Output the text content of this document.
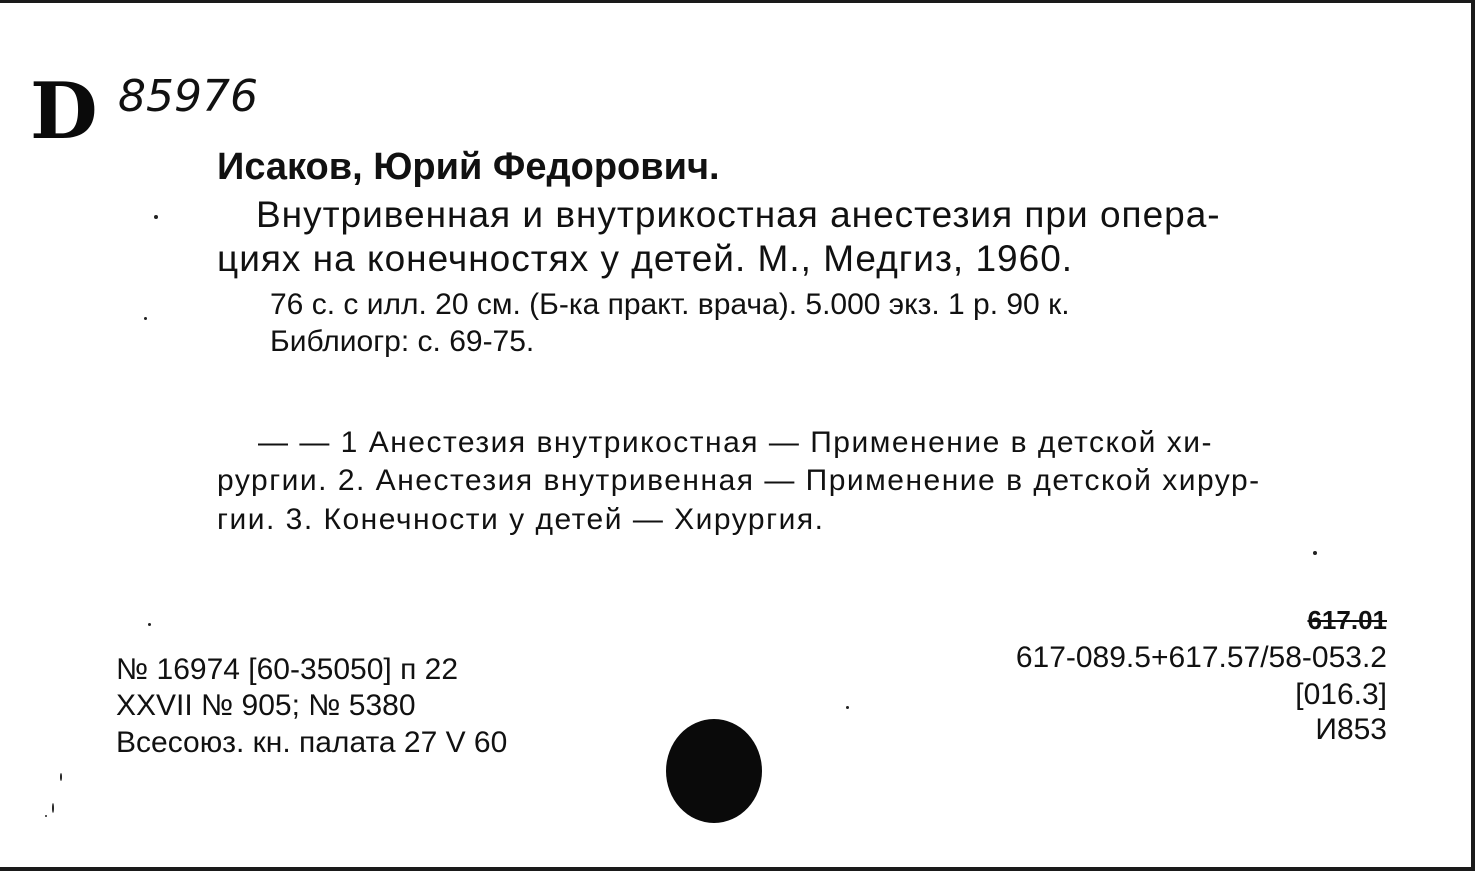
D 85976
Исаков, Юрий Федорович.
Внутривенная и внутрикостная анестезия при опера-
циях на конечностях у детей. М., Медгиз, 1960.
76 с. с илл. 20 см. (Б-ка практ. врача). 5.000 экз. 1 р. 90 к.
Библиогр: с. 69-75.
— — 1 Анестезия внутрикостная — Применение в детской хи-
рургии. 2. Анестезия внутривенная — Применение в детской хирур-
гии. 3. Конечности у детей — Хирургия.
№ 16974 [60-35050] п 22
XXVII № 905; № 5380
Всесоюз. кн. палата 27 V 60
617.01
617-089.5+617.57/58-053.2
[016.3]
И853
